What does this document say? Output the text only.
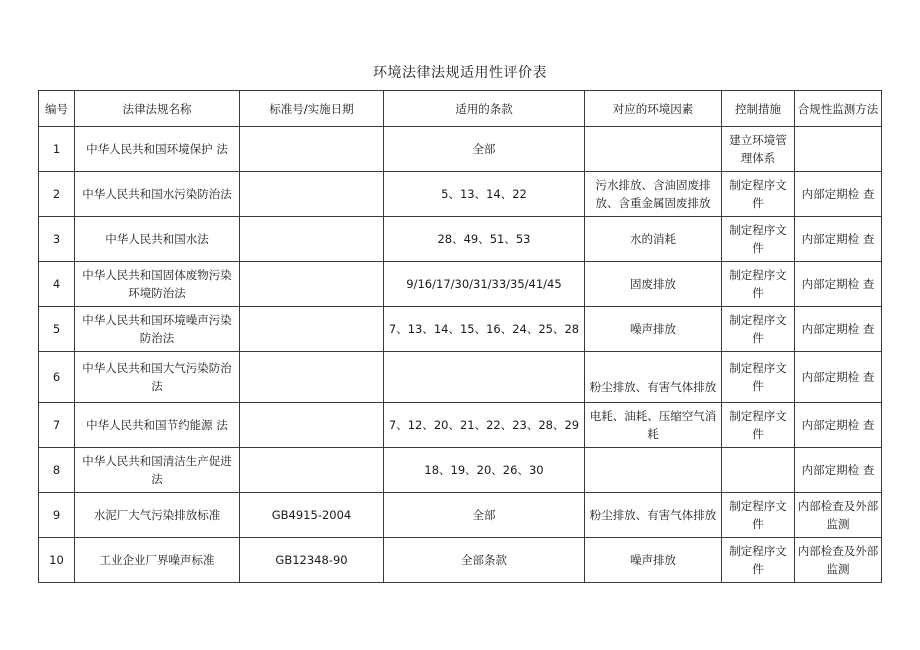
环境法律法规适用性评价表
编号	法律法规名称	标准号/实施日期	适用的条款	对应的环境因素	控制措施	合规性监测方法
1	中华人民共和国环境保护 法		全部		建立环境管理体系	
2	中华人民共和国水污染防治法		5、13、14、22	污水排放、含油固废排放、含重金属固废排放	制定程序文件	内部定期检 查
3	中华人民共和国水法		28、49、51、53	水的消耗	制定程序文件	内部定期检 查
4	中华人民共和国固体废物污染环境防治法		9/16/17/30/31/33/35/41/45	固废排放	制定程序文件	内部定期检 查
5	中华人民共和国环境噪声污染防治法		7、13、14、15、16、24、25、28	噪声排放	制定程序文件	内部定期检 查
6	中华人民共和国大气污染防治法			粉尘排放、有害气体排放	制定程序文件	内部定期检 查
7	中华人民共和国节约能源 法		7、12、20、21、22、23、28、29	电耗、油耗、压缩空气消 耗	制定程序文件	内部定期检 查
8	中华人民共和国清洁生产促进法		18、19、20、26、30			内部定期检 查
9	水泥厂大气污染排放标准	GB4915-2004	全部	粉尘排放、有害气体排放	制定程序文件	内部检查及外部监测
10	工业企业厂界噪声标准	GB12348-90	全部条款	噪声排放	制定程序文件	内部检查及外部监测
